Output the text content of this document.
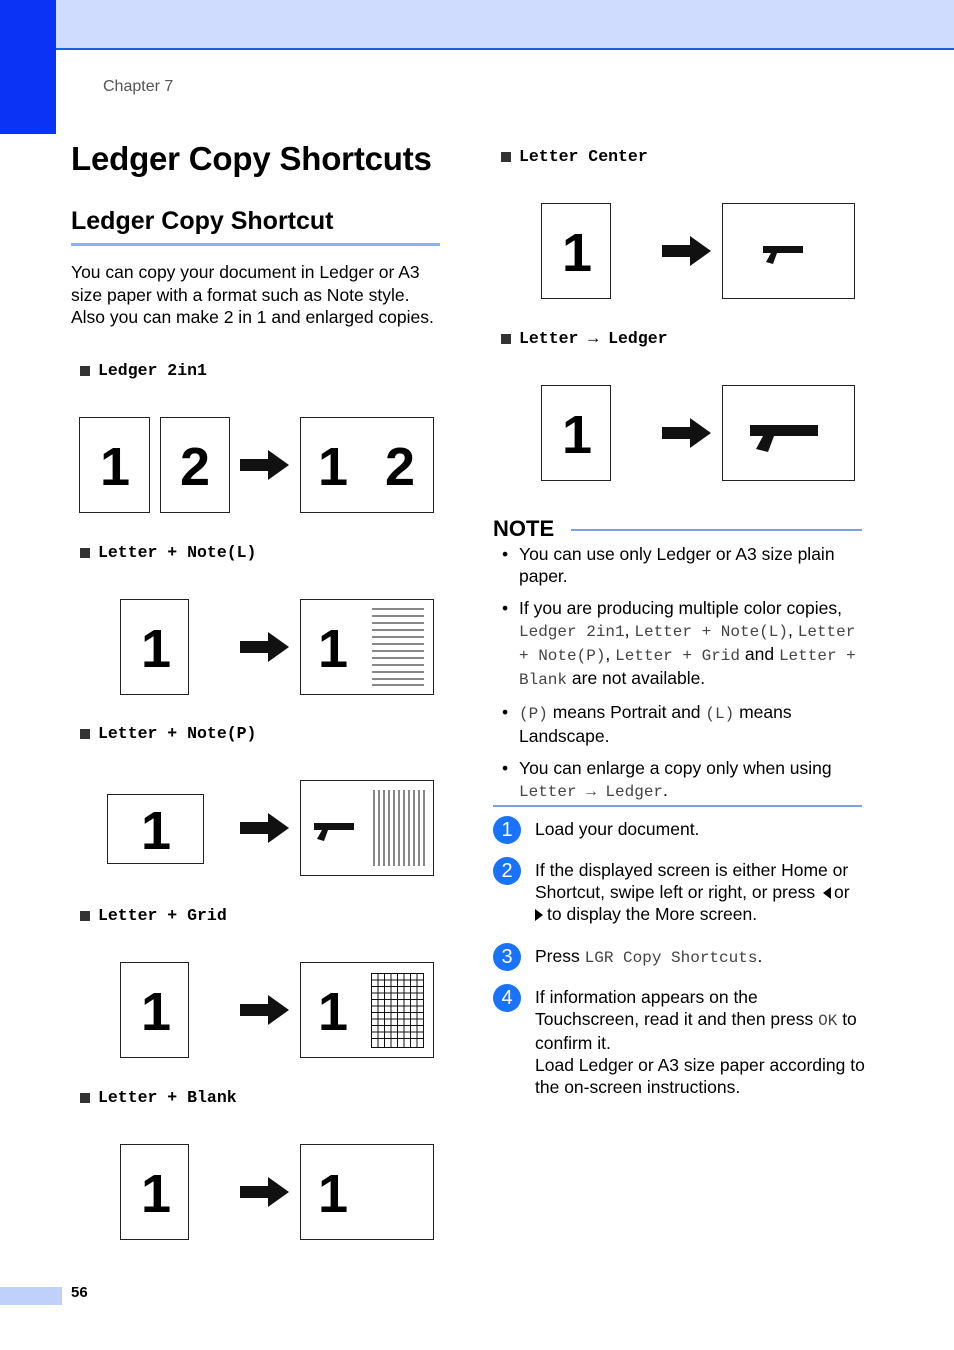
Chapter 7
Ledger Copy Shortcuts
Ledger Copy Shortcut

You can copy your document in Ledger or A3 size paper with a format such as Note style. Also you can make 2 in 1 and enlarged copies.

Ledger 2in1
1 2 1 2
Letter + Note(L)
1	1
Letter + Note(P)
1
Letter + Grid
1	1
Letter + Blank
1	1
Letter Center
1
Letter → Ledger
1
NOTE
• You can use only Ledger or A3 size plain paper.
• If you are producing multiple color copies, Ledger 2in1, Letter + Note(L), Letter + Note(P), Letter + Grid and Letter + Blank are not available.
• (P) means Portrait and (L) means Landscape.
• You can enlarge a copy only when using Letter → Ledger.
1	Load your document.
2	If the displayed screen is either Home or Shortcut, swipe left or right, or press or
to display the More screen.
3	Press LGR Copy Shortcuts.
4	If information appears on the Touchscreen, read it and then press OK to confirm it.
Load Ledger or A3 size paper according to the on-screen instructions.
56
